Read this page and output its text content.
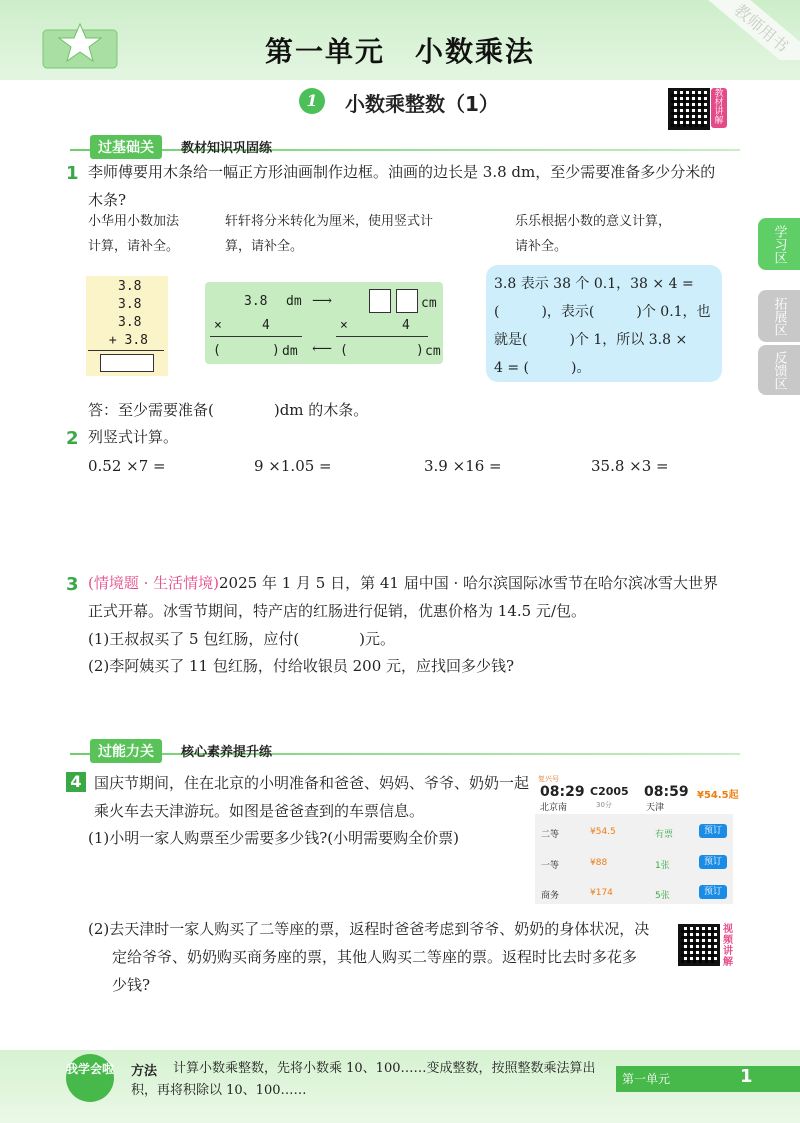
教师用书
第一单元　小数乘法
1	小数乘整数（1）	教材讲解
学习区
拓展区
反馈区
过基础关	教材知识巩固练
1 李师傅要用木条给一幅正方形油画制作边框。油画的边长是 3.8 dm，至少需要准备多少分米的
木条?
小华用小数加法
计算，请补全。
轩轩将分米转化为厘米，使用竖式计
算，请补全。
乐乐根据小数的意义计算，
请补全。
3.8
3.8
3.8
+ 3.8
3.8 dm ⟶	cm
×	4	×	4
(	) dm ⟵ (	) cm
3.8 表示 38 个 0.1，38 × 4 =
(　　　)，表示(　　　)个 0.1，也
就是(　　　)个 1，所以 3.8 ×
4 = (　　　)。
答：至少需要准备(　　　　)dm 的木条。
2 列竖式计算。
0.52 ×7 =	9 ×1.05 =	3.9 ×16 =	35.8 ×3 =
3 (情境题 · 生活情境)2025 年 1 月 5 日，第 41 届中国 · 哈尔滨国际冰雪节在哈尔滨冰雪大世界
正式开幕。冰雪节期间，特产店的红肠进行促销，优惠价格为 14.5 元/包。
(1)王叔叔买了 5 包红肠，应付(　　　　)元。
(2)李阿姨买了 11 包红肠，付给收银员 200 元，应找回多少钱?
过能力关	核心素养提升练
4 国庆节期间，住在北京的小明准备和爸爸、妈妈、爷爷、奶奶一起
乘火车去天津游玩。如图是爸爸查到的车票信息。
(1)小明一家人购票至少需要多少钱?(小明需要购全价票)
复兴号
08:29 C2005 08:59 ¥54.5起
北京南	30分	天津
二等	¥54.5	有票	预订
一等	¥88	1张	预订
商务	¥174	5张	预订
(2)去天津时一家人购买了二等座的票，返程时爸爸考虑到爷爷、奶奶的身体状况，决
定给爷爷、奶奶购买商务座的票，其他人购买二等座的票。返程时比去时多花多
少钱?
视频讲解
我学会啦 方法 计算小数乘整数，先将小数乘 10、100……变成整数，按照整数乘法算出
积，再将积除以 10、100……
第一单元	1
